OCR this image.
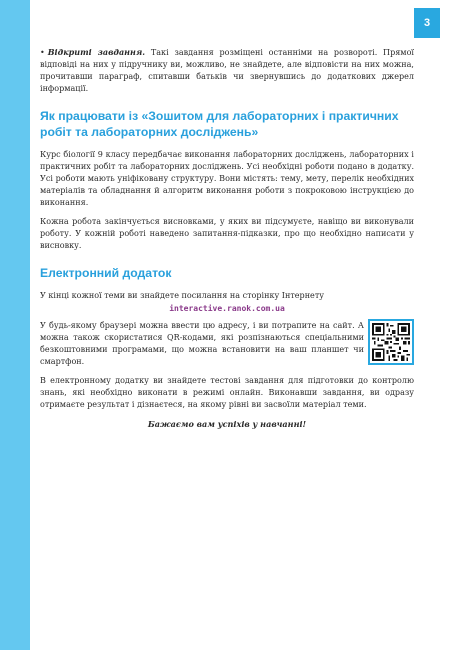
3

• Відкриті завдання. Такі завдання розміщені останніми на розвороті. Прямої відповіді на них у підручнику ви, можливо, не знайдете, але відповісти на них можна, прочитавши параграф, спитавши батьків чи звернувшись до додаткових джерел інформації.

Як працювати із «Зошитом для лабораторних і практичних робіт та лабораторних досліджень»

Курс біології 9 класу передбачає виконання лабораторних досліджень, лабораторних і практичних робіт та лабораторних досліджень. Усі необхідні роботи подано в додатку. Усі роботи мають уніфіковану структуру. Вони містять: тему, мету, перелік необхідних матеріалів та обладнання й алгоритм виконання роботи з покроковою інструкцією до виконання.

Кожна робота закінчується висновками, у яких ви підсумуєте, навіщо ви виконували роботу. У кожній роботі наведено запитання-підказки, про що необхідно написати у висновку.

Електронний додаток

У кінці кожної теми ви знайдете посилання на сторінку Інтернету

interactive.ranok.com.ua

У будь-якому браузері можна ввести цю адресу, і ви потрапите на сайт. А можна також скористатися QR-кодами, які розпізнаються спеціальними безкоштовними програмами, що можна встановити на ваш планшет чи смартфон.

В електронному додатку ви знайдете тестові завдання для підготовки до контролю знань, які необхідно виконати в режимі онлайн. Виконавши завдання, ви одразу отримаєте результат і дізнаєтеся, на якому рівні ви засвоїли матеріал теми.

Бажаємо вам успіхів у навчанні!
